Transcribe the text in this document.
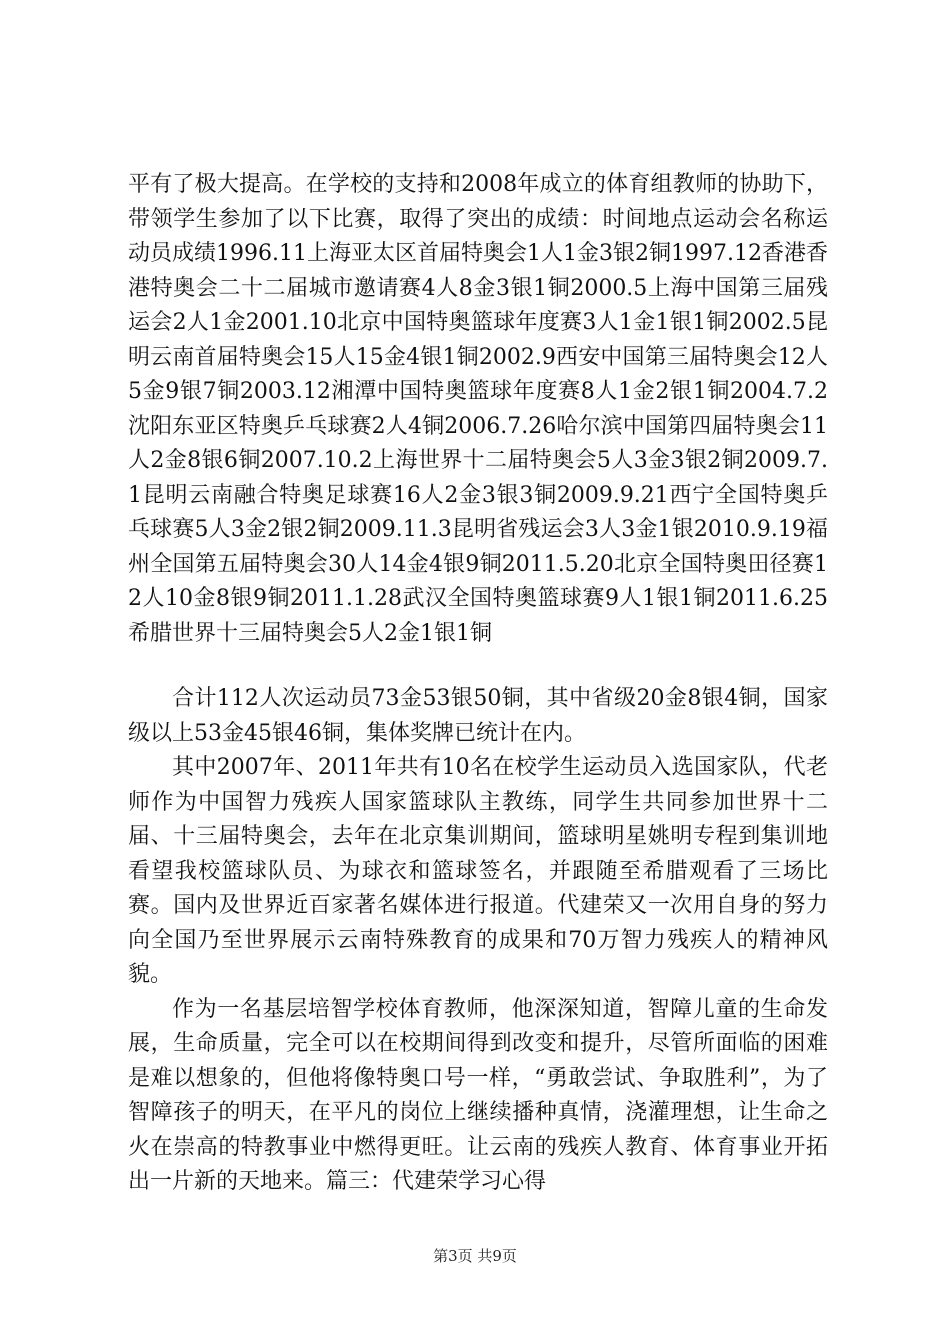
平有了极大提高。在学校的支持和2008年成立的体育组教师的协助下，带领学生参加了以下比赛，取得了突出的成绩：时间地点运动会名称运动员成绩1996.11上海亚太区首届特奥会1人1金3银2铜1997.12香港香港特奥会二十二届城市邀请赛4人8金3银1铜2000.5上海中国第三届残运会2人1金2001.10北京中国特奥篮球年度赛3人1金1银1铜2002.5昆明云南首届特奥会15人15金4银1铜2002.9西安中国第三届特奥会12人5金9银7铜2003.12湘潭中国特奥篮球年度赛8人1金2银1铜2004.7.2沈阳东亚区特奥乒乓球赛2人4铜2006.7.26哈尔滨中国第四届特奥会11人2金8银6铜2007.10.2上海世界十二届特奥会5人3金3银2铜2009.7.1昆明云南融合特奥足球赛16人2金3银3铜2009.9.21西宁全国特奥乒乓球赛5人3金2银2铜2009.11.3昆明省残运会3人3金1银2010.9.19福州全国第五届特奥会30人14金4银9铜2011.5.20北京全国特奥田径赛12人10金8银9铜2011.1.28武汉全国特奥篮球赛9人1银1铜2011.6.25希腊世界十三届特奥会5人2金1银1铜

合计112人次运动员73金53银50铜，其中省级20金8银4铜，国家级以上53金45银46铜，集体奖牌已统计在内。

其中2007年、2011年共有10名在校学生运动员入选国家队，代老师作为中国智力残疾人国家篮球队主教练，同学生共同参加世界十二届、十三届特奥会，去年在北京集训期间，篮球明星姚明专程到集训地看望我校篮球队员、为球衣和篮球签名，并跟随至希腊观看了三场比赛。国内及世界近百家著名媒体进行报道。代建荣又一次用自身的努力向全国乃至世界展示云南特殊教育的成果和70万智力残疾人的精神风貌。

作为一名基层培智学校体育教师，他深深知道，智障儿童的生命发展，生命质量，完全可以在校期间得到改变和提升，尽管所面临的困难是难以想象的，但他将像特奥口号一样，“勇敢尝试、争取胜利”，为了智障孩子的明天，在平凡的岗位上继续播种真情，浇灌理想，让生命之火在崇高的特教事业中燃得更旺。让云南的残疾人教育、体育事业开拓出一片新的天地来。篇三：代建荣学习心得

第3页 共9页
